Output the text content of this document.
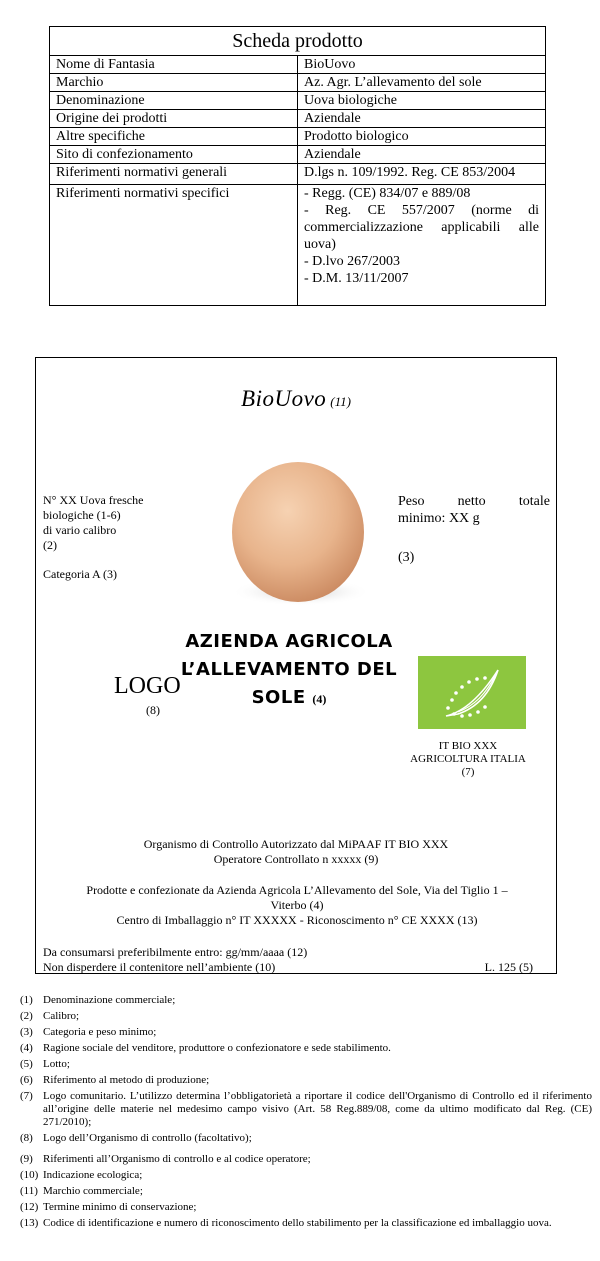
Scheda prodotto	
Nome di Fantasia	BioUovo
Marchio	Az. Agr. L’allevamento del sole
Denominazione	Uova biologiche
Origine dei prodotti	Aziendale
Altre specifiche	Prodotto biologico
Sito di confezionamento	Aziendale
Riferimenti normativi generali	D.lgs n. 109/1992. Reg. CE 853/2004
Riferimenti normativi specifici	- Regg. (CE) 834/07 e 889/08
- Reg. CE 557/2007 (norme di commercializzazione applicabili alle uova)
- D.lvo 267/2003
- D.M. 13/11/2007
BioUovo (11)
N° XX Uova fresche
biologiche (1-6)
di vario calibro
(2)
Categoria A (3)
Peso netto totale
minimo: XX g
(3)
AZIENDA AGRICOLA
L’ALLEVAMENTO DEL
SOLE (4)
LOGO
(8)
IT BIO XXX
AGRICOLTURA ITALIA
(7)
Organismo di Controllo Autorizzato dal MiPAAF IT BIO XXX
Operatore Controllato n xxxxx (9)
Prodotte e confezionate da Azienda Agricola L’Allevamento del Sole, Via del Tiglio 1 –
Viterbo (4)
Centro di Imballaggio n° IT XXXXX - Riconoscimento n° CE XXXX (13)
Da consumarsi preferibilmente entro: gg/mm/aaaa (12)
Non disperdere il contenitore nell’ambiente (10)	L. 125 (5)
(1) Denominazione commerciale;
(2) Calibro;
(3) Categoria e peso minimo;
(4) Ragione sociale del venditore, produttore o confezionatore e sede stabilimento.
(5) Lotto;
(6) Riferimento al metodo di produzione;
(7) Logo comunitario. L’utilizzo determina l’obbligatorietà a riportare il codice dell'Organismo di Controllo ed il riferimento all’origine delle materie nel medesimo campo visivo (Art. 58 Reg.889/08, come da ultimo modificato dal Reg. (CE) 271/2010);
(8) Logo dell’Organismo di controllo (facoltativo);
(9) Riferimenti all’Organismo di controllo e al codice operatore;
(10) Indicazione ecologica;
(11) Marchio commerciale;
(12) Termine minimo di conservazione;
(13) Codice di identificazione e numero di riconoscimento dello stabilimento per la classificazione ed imballaggio uova.
